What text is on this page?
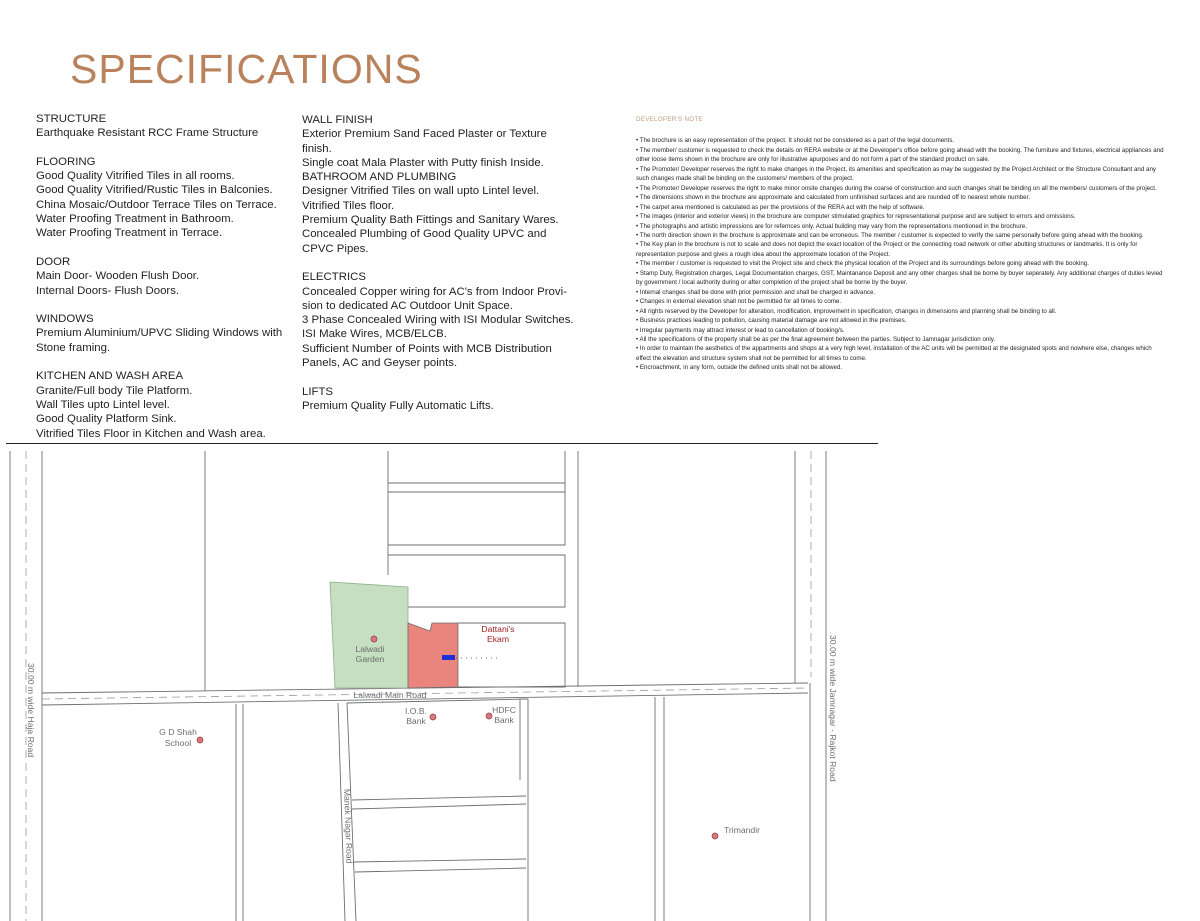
SPECIFICATIONS
STRUCTURE
Earthquake Resistant RCC Frame Structure
FLOORING
Good Quality Vitrified Tiles in all rooms.
Good Quality Vitrified/Rustic Tiles in Balconies.
China Mosaic/Outdoor Terrace Tiles on Terrace.
Water Proofing Treatment in Bathroom.
Water Proofing Treatment in Terrace.
DOOR
Main Door- Wooden Flush Door.
Internal Doors- Flush Doors.
WINDOWS
Premium Aluminium/UPVC Sliding Windows with
Stone framing.
KITCHEN AND WASH AREA
Granite/Full body Tile Platform.
Wall Tiles upto Lintel level.
Good Quality Platform Sink.
Vitrified Tiles Floor in Kitchen and Wash area.
WALL FINISH
Exterior Premium Sand Faced Plaster or Texture
finish.
Single coat Mala Plaster with Putty finish Inside.
BATHROOM AND PLUMBING
Designer Vitrified Tiles on wall upto Lintel level.
Vitrified Tiles floor.
Premium Quality Bath Fittings and Sanitary Wares.
Concealed Plumbing of Good Quality UPVC and
CPVC Pipes.
ELECTRICS
Concealed Copper wiring for AC's from Indoor Provi-
sion to dedicated AC Outdoor Unit Space.
3 Phase Concealed Wiring with ISI Modular Switches.
ISI Make Wires, MCB/ELCB.
Sufficient Number of Points with MCB Distribution
Panels, AC and Geyser points.
LIFTS
Premium Quality Fully Automatic Lifts.
DEVELOPER'S NOTE
• The brochure is an easy representation of the project. It should not be considered as a part of the legal documents.
• The member/ customer is requested to check the details on RERA website or at the Developer's office before going ahead with the booking. The furniture and fixtures, electrical appliances and other loose items shown in the brochure are only for illustrative apurposes and do not form a part of the standard product on sale.
• The Promoter/ Developer reserves the right to make changes in the Project, its amenities and specification as may be suggested by the Project Architect or the Structure Consultant and any such changes made shall be binding on the customers/ members of the project.
• The Promoter/ Developer reserves the right to make minor onsite changes during the coarse of construction and such changes shall be binding on all the members/ customers of the project.
• The dimensions shown in the brochure are approximate and calculated from unfinished surfaces and are rounded off to nearest whole number.
• The carpet area mentioned is calculated as per the provisions of the RERA act with the help of software.
• The images (interior and exterior views) in the brochure are computer stimulated graphics for representational purpose and are subject to errors and omissions.
• The photographs and artistic impressions are for refernces only. Actual building may vary from the representations mentioned in the brochure.
• The north direction shown in the brochure is approximate and can be erroneous. The member / customer is expected to verify the same personally before going ahead with the booking.
• The Key plan in the brochure is not to scale and does not depict the exact location of the Project or the connecting road network or other abutting structures or landmarks. It is only for representation purpose and gives a rough idea about the approximate location of the Project.
• The member / customer is requested to visit the Project site and check the physical location of the Project and its surroundings before going ahead with the booking.
• Stamp Duty, Registration charges, Legal Documentation charges, GST, Maintanance Deposit and any other charges shall be borne by buyer seperately. Any additional charges of duties levied by government / local authority during or after completion of the project shall be borne by the buyer.
• Internal changes shall be done with prior permission and shall be charged in advance.
• Changes in external elevation shall not be permitted for all times to come.
• All rights reserved by the Developer for alteration, modification, improvement in specification, changes in dimensions and planning shall be binding to all.
• Business practices leading to pollution, causing material damage are not allowed in the premises.
• Irregular payments may attract interest or lead to cancellation of booking/s.
• All the specifications of the property shall be as per the final agreement between the parties. Subject to Jamnagar jurisdiction only.
• In order to maintain the aesthetics of the appartments and shops at a very high level, installation of the AC units will be permitted at the designated spots and nowhere else, changes which effect the elevation and structure system shall not be permitted for all times to come.
• Encroachment, in any form, outside the defined units shall not be allowed.
Lalwadi
Garden
G D Shah
School
I.O.B.
Bank
HDFC
Bank
Trimandir
Lalwadi Main Road
30.00 m wide Haja Road	30.00 m wide Jamnagar - Rajkot Road
Manek Nagar Road
Dattani's
Ekam
